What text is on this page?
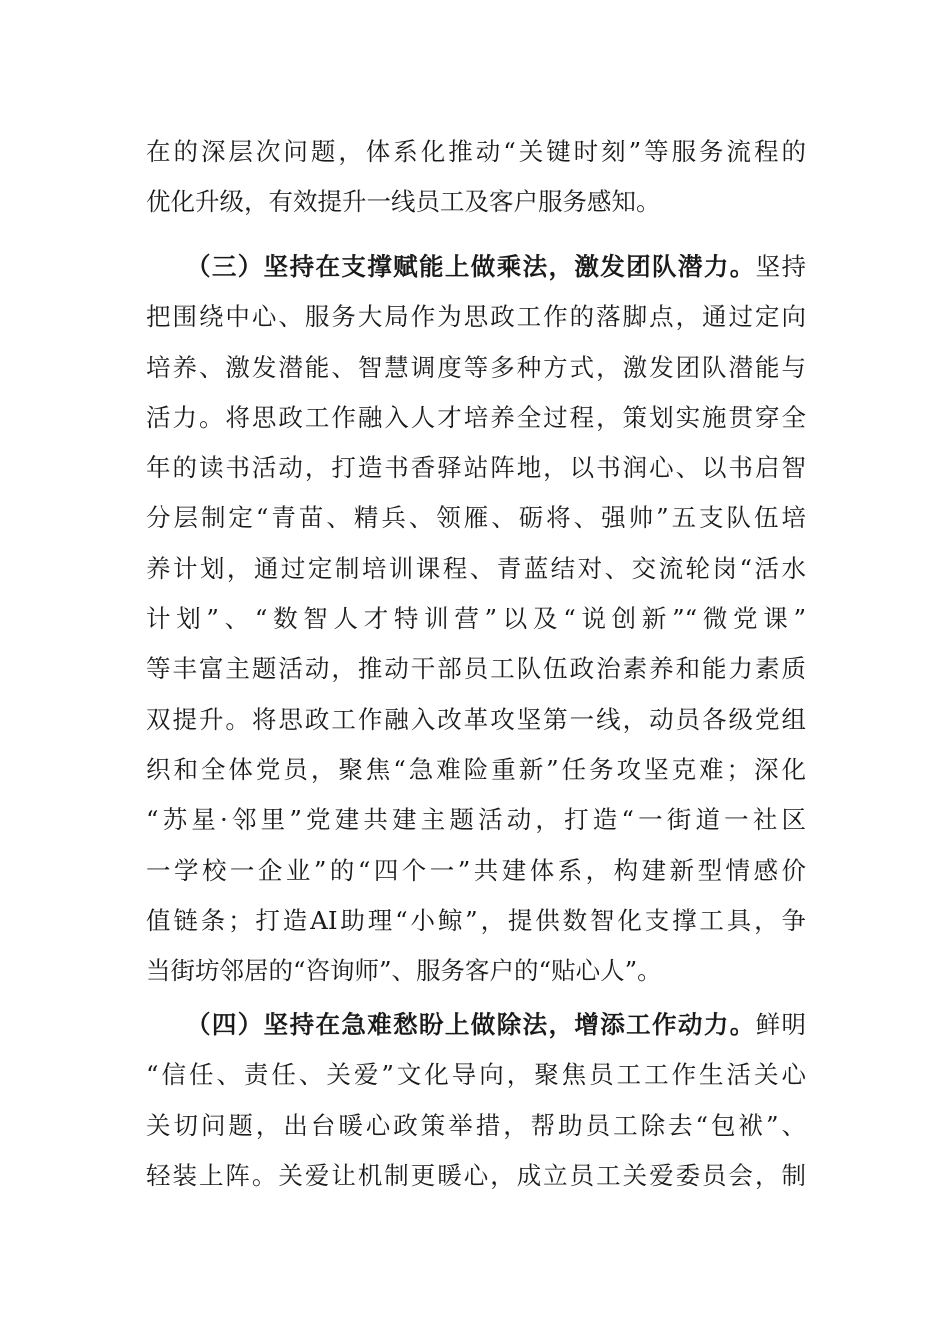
在的深层次问题，体系化推动“关键时刻”等服务流程的
优化升级，有效提升一线员工及客户服务感知。
（三）坚持在支撑赋能上做乘法，激发团队潜力。坚持
把围绕中心、服务大局作为思政工作的落脚点，通过定向
培养、激发潜能、智慧调度等多种方式，激发团队潜能与
活力。将思政工作融入人才培养全过程，策划实施贯穿全
年的读书活动，打造书香驿站阵地，以书润心、以书启智
分层制定“青苗、精兵、领雁、砺将、强帅”五支队伍培
养计划，通过定制培训课程、青蓝结对、交流轮岗“活水
计划”、“数智人才特训营”以及“说创新”“微党课”
等丰富主题活动，推动干部员工队伍政治素养和能力素质
双提升。将思政工作融入改革攻坚第一线，动员各级党组
织和全体党员，聚焦“急难险重新”任务攻坚克难；深化
“苏星·邻里”党建共建主题活动，打造“一街道一社区
一学校一企业”的“四个一”共建体系，构建新型情感价
值链条；打造AI助理“小鲸”，提供数智化支撑工具，争
当街坊邻居的“咨询师”、服务客户的“贴心人”。
（四）坚持在急难愁盼上做除法，增添工作动力。鲜明
“信任、责任、关爱”文化导向，聚焦员工工作生活关心
关切问题，出台暖心政策举措，帮助员工除去“包袱”、
轻装上阵。关爱让机制更暖心，成立员工关爱委员会，制
